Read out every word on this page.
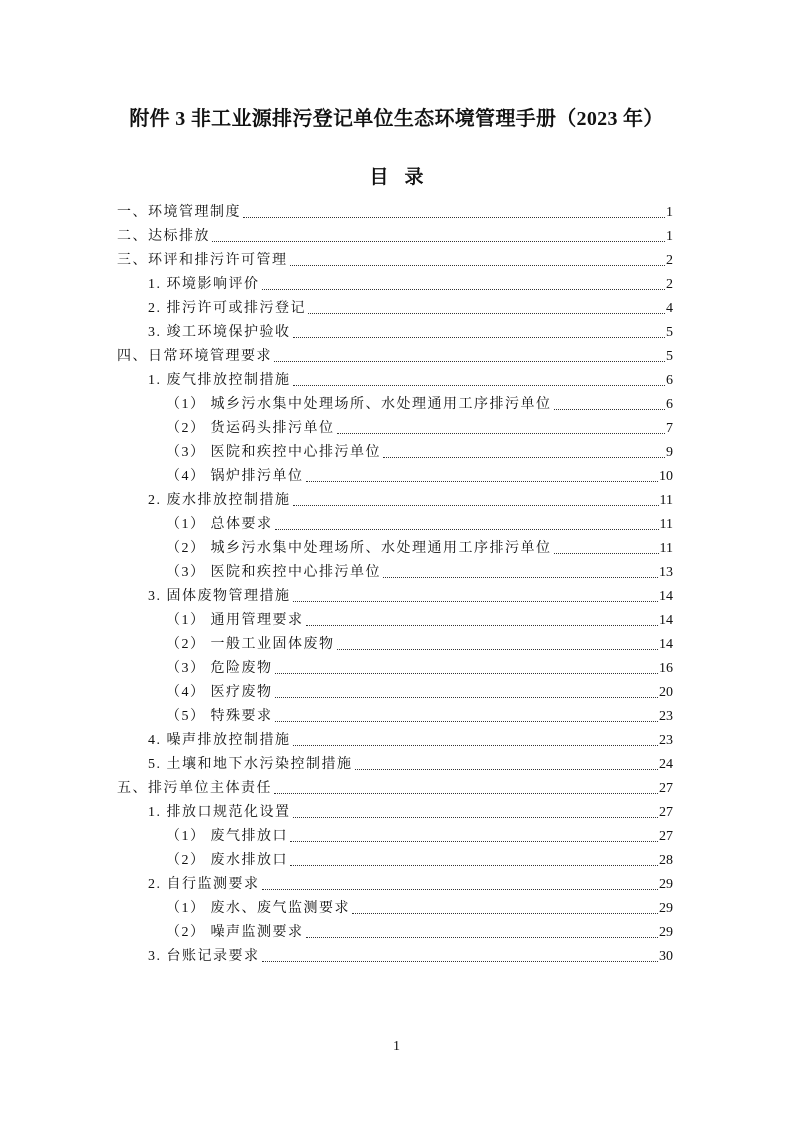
附件 3 非工业源排污登记单位生态环境管理手册（2023 年）
目 录
一、环境管理制度	1
二、达标排放	1
三、环评和排污许可管理	2
1. 环境影响评价	2
2. 排污许可或排污登记	4
3. 竣工环境保护验收	5
四、日常环境管理要求	5
1. 废气排放控制措施	6
（1） 城乡污水集中处理场所、水处理通用工序排污单位	6
（2） 货运码头排污单位	7
（3） 医院和疾控中心排污单位	9
（4） 锅炉排污单位	10
2. 废水排放控制措施	11
（1） 总体要求	11
（2） 城乡污水集中处理场所、水处理通用工序排污单位	11
（3） 医院和疾控中心排污单位	13
3. 固体废物管理措施	14
（1） 通用管理要求	14
（2） 一般工业固体废物	14
（3） 危险废物	16
（4） 医疗废物	20
（5） 特殊要求	23
4. 噪声排放控制措施	23
5. 土壤和地下水污染控制措施	24
五、排污单位主体责任	27
1. 排放口规范化设置	27
（1） 废气排放口	27
（2） 废水排放口	28
2. 自行监测要求	29
（1） 废水、废气监测要求	29
（2） 噪声监测要求	29
3. 台账记录要求	30
1
